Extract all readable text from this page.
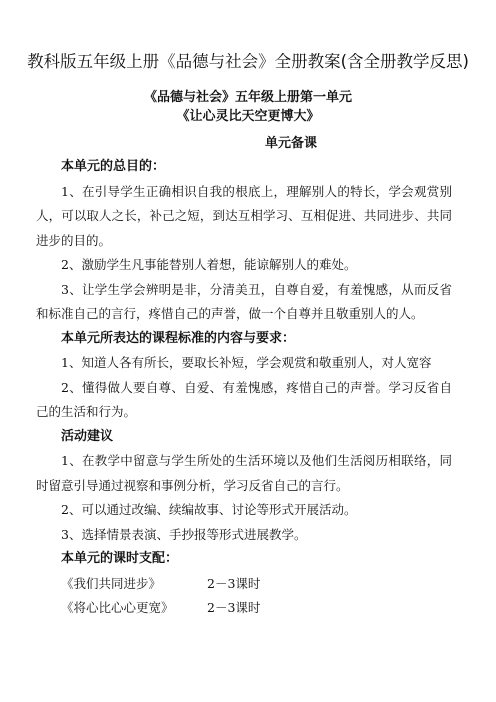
教科版五年级上册《品德与社会》全册教案(含全册教学反思)
《品德与社会》五年级上册第一单元
《让心灵比天空更博大》
单元备课
本单元的总目的：

1、在引导学生正确相识自我的根底上，理解别人的特长，学会观赏别人，可以取人之长，补己之短，到达互相学习、互相促进、共同进步、共同进步的目的。

2、激励学生凡事能替别人着想，能谅解别人的难处。

3、让学生学会辨明是非，分清美丑，自尊自爱，有羞愧感，从而反省和标准自己的言行，疼惜自己的声誉，做一个自尊并且敬重别人的人。

本单元所表达的课程标准的内容与要求：

1、知道人各有所长，要取长补短，学会观赏和敬重别人，对人宽容

2、懂得做人要自尊、自爱、有羞愧感，疼惜自己的声誉。学习反省自己的生活和行为。

活动建议

1、在教学中留意与学生所处的生活环境以及他们生活阅历相联络，同时留意引导通过视察和事例分析，学习反省自己的言行。

2、可以通过改编、续编故事、讨论等形式开展活动。

3、选择情景表演、手抄报等形式进展教学。

本单元的课时支配：
《我们共同进步》	2－3课时
《将心比心心更宽》	2－3课时
